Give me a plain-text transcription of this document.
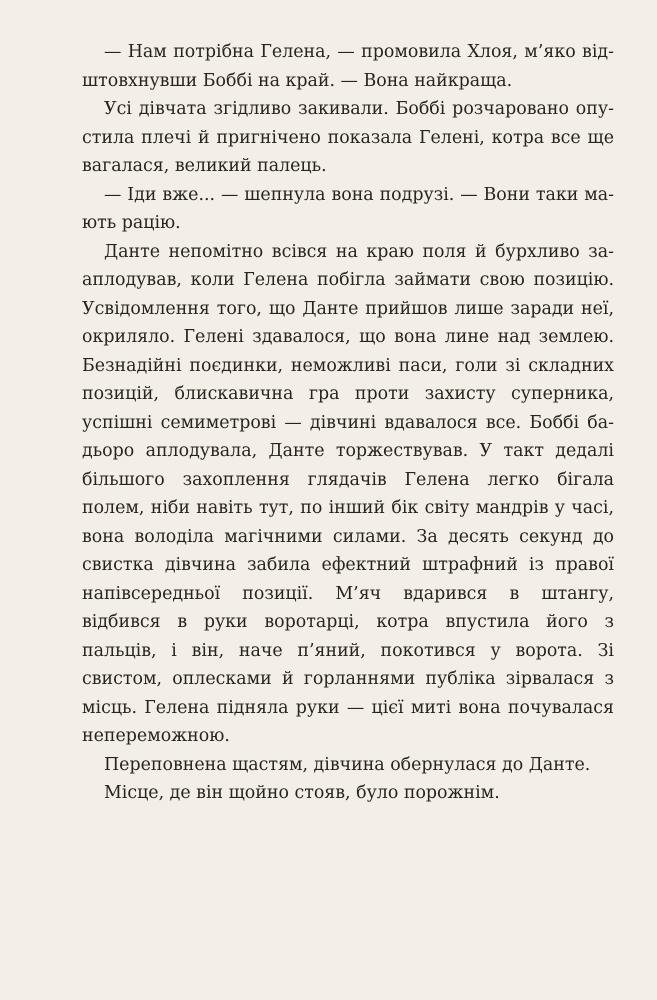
— Нам потрібна Гелена, — промовила Хлоя, м’яко відштовхнувши Боббі на край. — Вона найкраща.

Усі дівчата згідливо закивали. Боббі розчаровано опустила плечі й пригнічено показала Гелені, котра все ще вагалася, великий палець.

— Іди вже... — шепнула вона подрузі. — Вони таки мають рацію.

Данте непомітно всівся на краю поля й бурхливо зааплодував, коли Гелена побігла займати свою позицію. Усвідомлення того, що Данте прийшов лише заради неї, окриляло. Гелені здавалося, що вона лине над землею. Безнадійні поєдинки, неможливі паси, голи зі складних позицій, блискавична гра проти захисту суперника, успішні семиметрові — дівчині вдавалося все. Боббі бадьоро аплодувала, Данте торжествував. У такт дедалі більшого захоплення глядачів Гелена легко бігала полем, ніби навіть тут, по інший бік світу мандрів у часі, вона володіла магічними силами. За десять секунд до свистка дівчина забила ефектний штрафний із правої напівсередньої позиції. М’яч вдарився в штангу, відбився в руки воротарці, котра впустила його з пальців, і він, наче п’яний, покотився у ворота. Зі свистом, оплесками й горланнями публіка зірвалася з місць. Гелена підняла руки — цієї миті вона почувалася непереможною.

Переповнена щастям, дівчина обернулася до Данте.

Місце, де він щойно стояв, було порожнім.
